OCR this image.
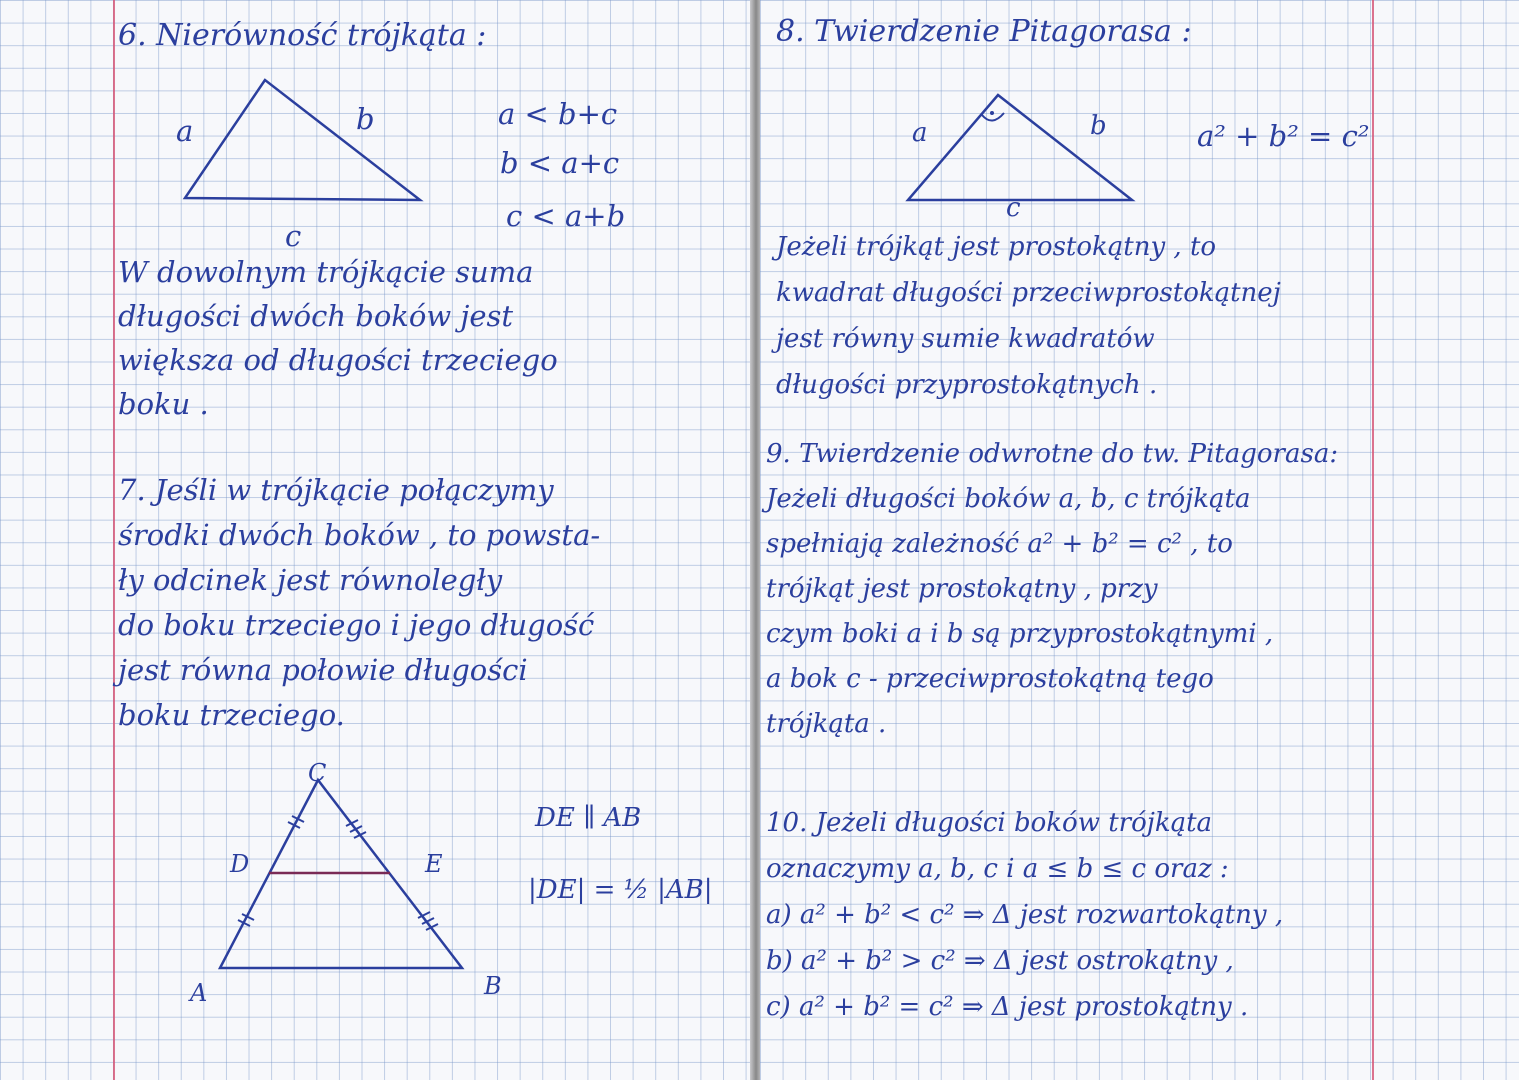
6. Nierówność trójkąta :
a	b
c
a < b+c
b < a+c
c < a+b
W dowolnym trójkącie suma
długości dwóch boków jest
większa od długości trzeciego
boku .
7. Jeśli w trójkącie połączymy
środki dwóch boków , to powsta-
ły odcinek jest równoległy
do boku trzeciego i jego długość
jest równa połowie długości
boku trzeciego.
C
D	E
A	B
DE ∥ AB
|DE| = ½ |AB|
8. Twierdzenie Pitagorasa :
a	b
c
a² + b² = c²
Jeżeli trójkąt jest prostokątny , to
kwadrat długości przeciwprostokątnej
jest równy sumie kwadratów
długości przyprostokątnych .
9. Twierdzenie odwrotne do tw. Pitagorasa:
Jeżeli długości boków a, b, c trójkąta
spełniają zależność a² + b² = c² , to
trójkąt jest prostokątny , przy
czym boki a i b są przyprostokątnymi ,
a bok c - przeciwprostokątną tego
trójkąta .
10. Jeżeli długości boków trójkąta
oznaczymy a, b, c i a ≤ b ≤ c oraz :
a) a² + b² < c² ⇒ Δ jest rozwartokątny ,
b) a² + b² > c² ⇒ Δ jest ostrokątny ,
c) a² + b² = c² ⇒ Δ jest prostokątny .
